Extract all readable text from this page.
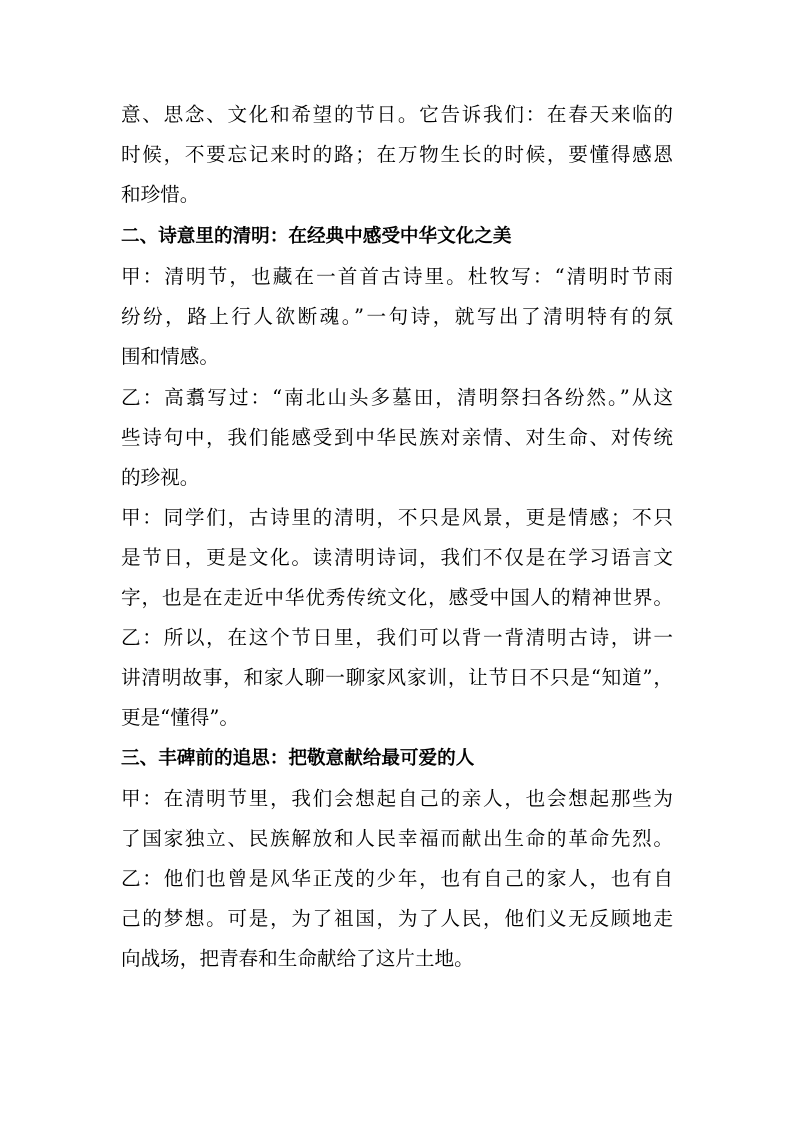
意、思念、文化和希望的节日。它告诉我们：在春天来临的
时候，不要忘记来时的路；在万物生长的时候，要懂得感恩
和珍惜。
二、诗意里的清明：在经典中感受中华文化之美
甲：清明节，也藏在一首首古诗里。杜牧写：“清明时节雨
纷纷，路上行人欲断魂。”一句诗，就写出了清明特有的氛
围和情感。
乙：高翥写过：“南北山头多墓田，清明祭扫各纷然。”从这
些诗句中，我们能感受到中华民族对亲情、对生命、对传统
的珍视。
甲：同学们，古诗里的清明，不只是风景，更是情感；不只
是节日，更是文化。读清明诗词，我们不仅是在学习语言文
字，也是在走近中华优秀传统文化，感受中国人的精神世界。
乙：所以，在这个节日里，我们可以背一背清明古诗，讲一
讲清明故事，和家人聊一聊家风家训，让节日不只是“知道”，
更是“懂得”。
三、丰碑前的追思：把敬意献给最可爱的人
甲：在清明节里，我们会想起自己的亲人，也会想起那些为
了国家独立、民族解放和人民幸福而献出生命的革命先烈。
乙：他们也曾是风华正茂的少年，也有自己的家人，也有自
己的梦想。可是，为了祖国，为了人民，他们义无反顾地走
向战场，把青春和生命献给了这片土地。
